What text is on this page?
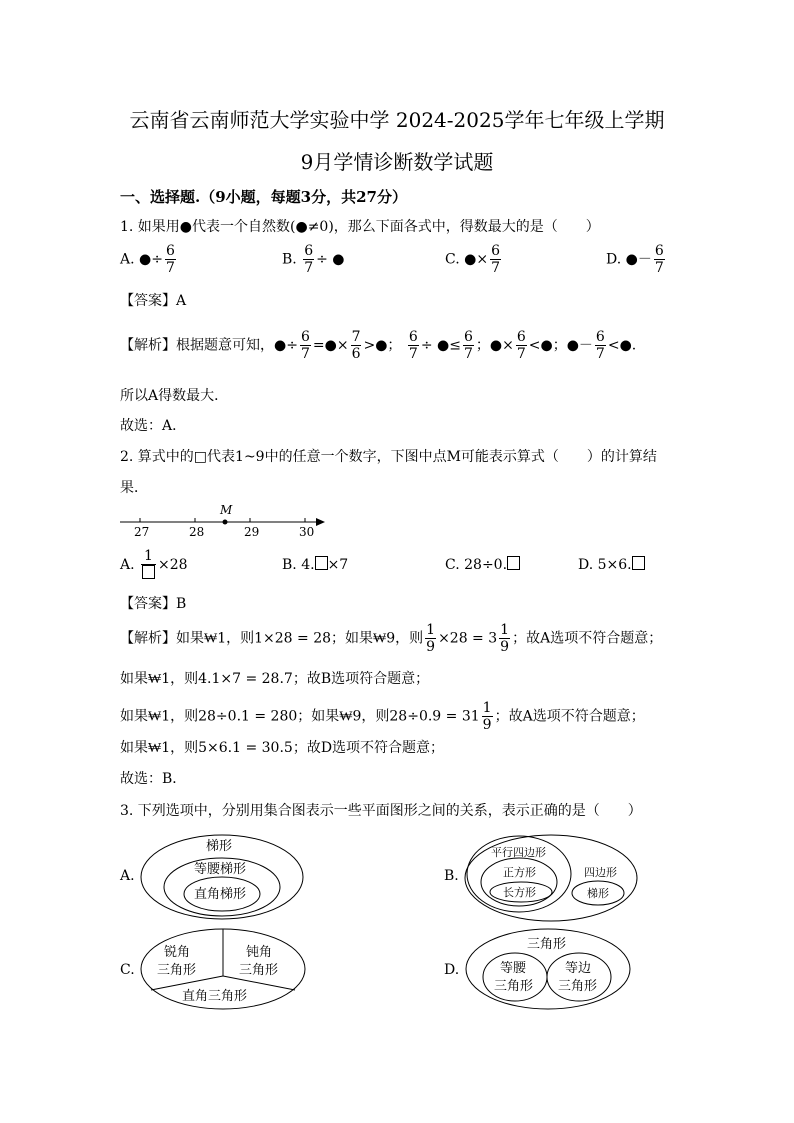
云南省云南师范大学实验中学 2024-2025学年七年级上学期
9月学情诊断数学试题
一、选择题.（9小题，每题3分，共27分）
1. 如果用●代表一个自然数(●≠0)，那么下面各式中，得数最大的是（　　）
A. ●÷ $\frac{6}{7}$	B. $\frac{6}{7}$ ÷ ●	C. ●× $\frac{6}{7}$	D. ●－ $\frac{6}{7}$
【答案】A
【解析】根据题意可知，●÷ $\frac{6}{7}$ =●× $\frac{7}{6}$ >●； $\frac{6}{7}$ ÷ ●≤ $\frac{6}{7}$ ；●× $\frac{6}{7}$ <●；●－ $\frac{6}{7}$ <●.
所以A得数最大．
故选：A．
2. 算式中的□代表1~9中的任意一个数字，下图中点M可能表示算式（　　）的计算结
果．
27	28	29	30
M
A.
1
×28	B. 4. ×7	C. 28÷0.	D. 5×6.
【答案】B
【解析】如果₩1，则1×28 = 28；如果₩9，则 $\frac{1}{9} \times 28 = 3 \frac{1}{9}$ ；故A选项不符合题意；
如果₩1，则4.1×7 = 28.7；故B选项符合题意；
如果₩1，则28÷0.1 = 280；如果₩9，则$28\div 0.9 = 31 \frac{1}{9}$ ；故A选项不符合题意；
如果₩1，则5×6.1 = 30.5；故D选项不符合题意；
故选：B．
3. 下列选项中，分别用集合图表示一些平面图形之间的关系，表示正确的是（　　）
A.
梯形
等腰梯形
直角梯形
B.
平行四边形
正方形
长方形
四边形
梯形
C.
锐角
三角形
钝角
三角形
直角三角形
D.
三角形
等腰
三角形
等边
三角形
